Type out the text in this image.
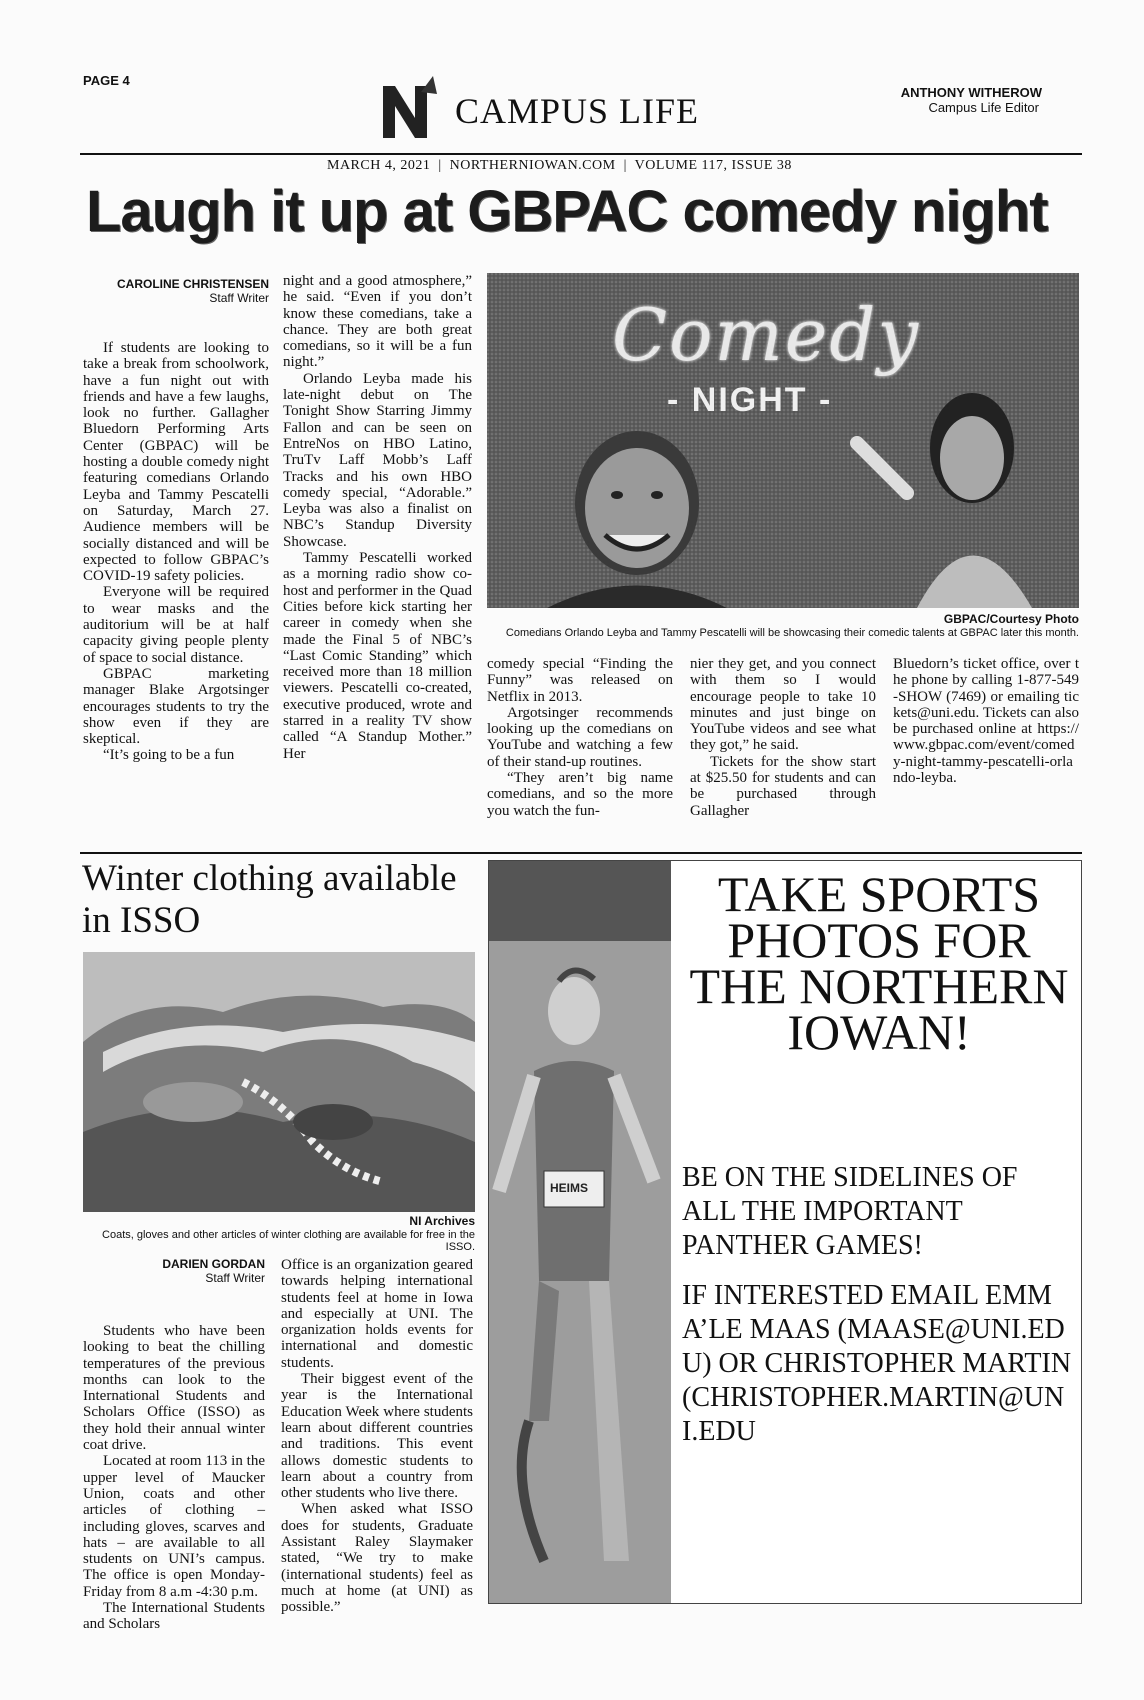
PAGE 4
CAMPUS LIFE	ANTHONY WITHEROW
Campus Life Editor
MARCH 4, 2021  |  NORTHERNIOWAN.COM  |  VOLUME 117, ISSUE 38
Laugh it up at GBPAC comedy night
CAROLINE CHRISTENSEN
Staff Writer

If students are looking to take a break from schoolwork, have a fun night out with friends and have a few laughs, look no further. Gallagher Bluedorn Performing Arts Center (GBPAC) will be hosting a double comedy night featuring comedians Orlando Leyba and Tammy Pescatelli on Saturday, March 27. Audience members will be socially distanced and will be expected to follow GBPAC’s COVID-19 safety policies.

Everyone will be required to wear masks and the auditorium will be at half capacity giving people plenty of space to social distance.

GBPAC marketing manager Blake Argotsinger encourages students to try the show even if they are skeptical.

“It’s going to be a fun

night and a good atmosphere,” he said. “Even if you don’t know these comedians, take a chance. They are both great comedians, so it will be a fun night.”

Orlando Leyba made his late-night debut on The Tonight Show Starring Jimmy Fallon and can be seen on EntreNos on HBO Latino, TruTv Laff Mobb’s Laff Tracks and his own HBO comedy special, “Adorable.” Leyba was also a finalist on NBC’s Standup Diversity Showcase.

Tammy Pescatelli worked as a morning radio show co-host and performer in the Quad Cities before kick starting her career in comedy when she made the Final 5 of NBC’s “Last Comic Standing” which received more than 18 million viewers. Pescatelli co-created, executive produced, wrote and starred in a reality TV show called “A Standup Mother.” Her

Comedy
- NIGHT -
GBPAC/Courtesy Photo
Comedians Orlando Leyba and Tammy Pescatelli will be showcasing their comedic talents at GBPAC later this month.

comedy special “Finding the Funny” was released on Netflix in 2013.

Argotsinger recommends looking up the comedians on YouTube and watching a few of their stand-up routines.

“They aren’t big name comedians, and so the more you watch the fun-

nier they get, and you connect with them so I would encourage people to take 10 minutes and just binge on YouTube videos and see what they got,” he said.

Tickets for the show start at $25.50 for students and can be purchased through Gallagher

Bluedorn’s ticket office, over the phone by calling 1-877-549-SHOW (7469) or emailing tickets@uni.edu. Tickets can also be purchased online at https://www.gbpac.com/event/comedy-night-tammy-pescatelli-orlando-leyba.

Winter clothing available in ISSO
NI Archives
Coats, gloves and other articles of winter clothing are available for free in the ISSO.
DARIEN GORDAN
Staff Writer

Students who have been looking to beat the chilling temperatures of the previous months can look to the International Students and Scholars Office (ISSO) as they hold their annual winter coat drive.

Located at room 113 in the upper level of Maucker Union, coats and other articles of clothing – including gloves, scarves and hats – are available to all students on UNI’s campus. The office is open Monday-Friday from 8 a.m -4:30 p.m.

The International Students and Scholars

Office is an organization geared towards helping international students feel at home in Iowa and especially at UNI. The organization holds events for international and domestic students.

Their biggest event of the year is the International Education Week where students learn about different countries and traditions. This event allows domestic students to learn about a country from other students who live there.

When asked what ISSO does for students, Graduate Assistant Raley Slaymaker stated, “We try to make (international students) feel as much at home (at UNI) as possible.”

HEIMS
TAKE SPORTS PHOTOS FOR THE NORTHERN IOWAN!
BE ON THE SIDELINES OF ALL THE IMPORTANT PANTHER GAMES!
IF INTERESTED EMAIL EMMA’LE MAAS (MAASE@UNI.EDU) OR CHRISTOPHER MARTIN (CHRISTOPHER.MARTIN@UNI.EDU
